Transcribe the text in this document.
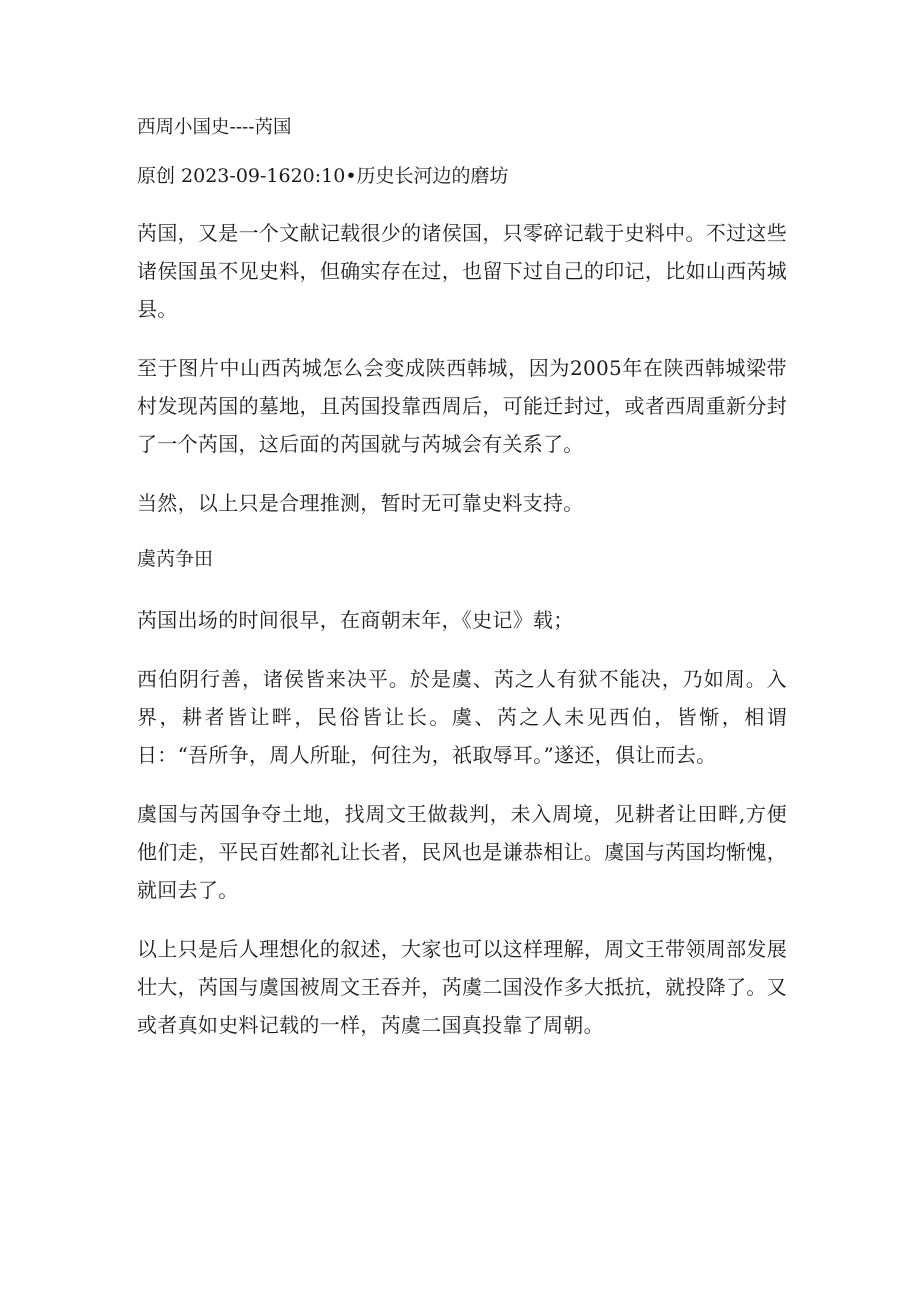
西周小国史----芮国

原创 2023-09-1620:10•历史长河边的磨坊

芮国，又是一个文献记载很少的诸侯国，只零碎记载于史料中。不过这些诸侯国虽不见史料，但确实存在过，也留下过自己的印记，比如山西芮城县。

至于图片中山西芮城怎么会变成陕西韩城，因为2005年在陕西韩城梁带村发现芮国的墓地，且芮国投靠西周后，可能迁封过，或者西周重新分封了一个芮国，这后面的芮国就与芮城会有关系了。

当然，以上只是合理推测，暂时无可靠史料支持。

虞芮争田

芮国出场的时间很早，在商朝末年，《史记》载；

西伯阴行善，诸侯皆来决平。於是虞、芮之人有狱不能决，乃如周。入界，耕者皆让畔，民俗皆让长。虞、芮之人未见西伯，皆惭，相谓日：“吾所争，周人所耻，何往为，祇取辱耳。”遂还，俱让而去。

虞国与芮国争夺土地，找周文王做裁判，未入周境，见耕者让田畔,方便他们走，平民百姓都礼让长者，民风也是谦恭相让。虞国与芮国均惭愧，就回去了。

以上只是后人理想化的叙述，大家也可以这样理解，周文王带领周部发展壮大，芮国与虞国被周文王吞并，芮虞二国没作多大抵抗，就投降了。又或者真如史料记载的一样，芮虞二国真投靠了周朝。
